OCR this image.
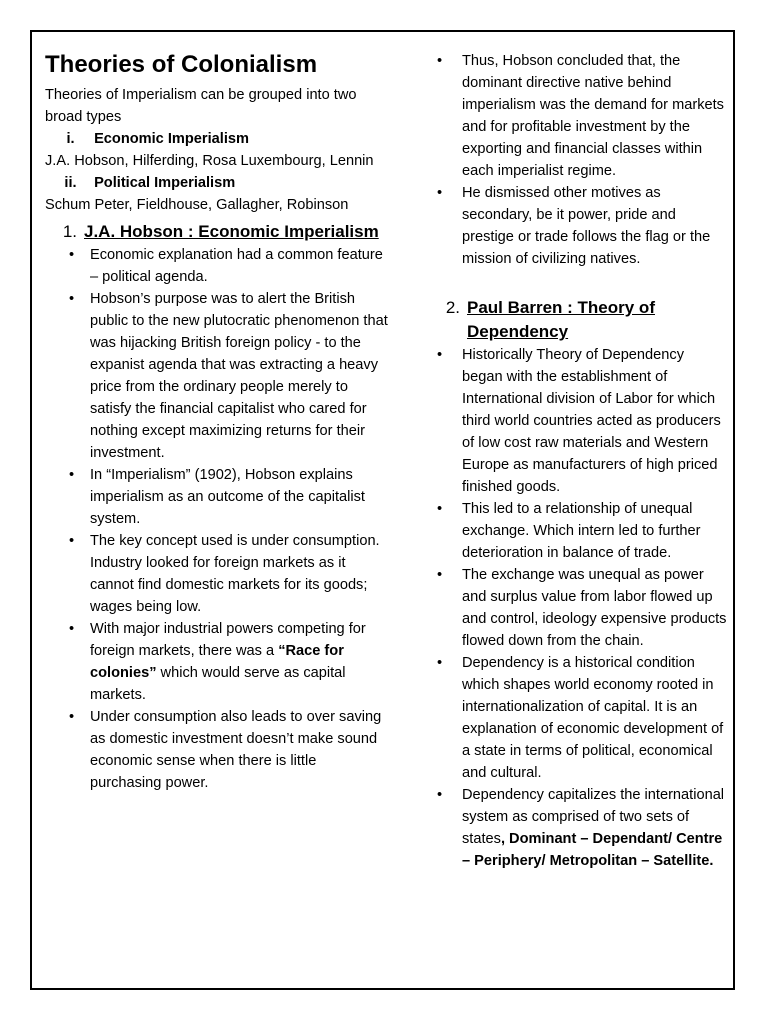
Theories of Colonialism
Theories of Imperialism can be grouped into two broad types
i. Economic Imperialism
J.A. Hobson, Hilferding, Rosa Luxembourg, Lennin
ii. Political Imperialism
Schum Peter, Fieldhouse, Gallagher, Robinson
1. J.A. Hobson : Economic Imperialism
• Economic explanation had a common feature – political agenda.
• Hobson’s purpose was to alert the British public to the new plutocratic phenomenon that was hijacking British foreign policy - to the expanist agenda that was extracting a heavy price from the ordinary people merely to satisfy the financial capitalist who cared for nothing except maximizing returns for their investment.
• In “Imperialism” (1902), Hobson explains imperialism as an outcome of the capitalist system.
• The key concept used is under consumption. Industry looked for foreign markets as it cannot find domestic markets for its goods; wages being low.
• With major industrial powers competing for foreign markets, there was a “Race for colonies” which would serve as capital markets.
• Under consumption also leads to over saving as domestic investment doesn’t make sound economic sense when there is little purchasing power.
• Thus, Hobson concluded that, the dominant directive native behind imperialism was the demand for markets and for profitable investment by the exporting and financial classes within each imperialist regime.
• He dismissed other motives as secondary, be it power, pride and prestige or trade follows the flag or the mission of civilizing natives.
2. Paul Barren : Theory of Dependency
• Historically Theory of Dependency began with the establishment of International division of Labor for which third world countries acted as producers of low cost raw materials and Western Europe as manufacturers of high priced finished goods.
• This led to a relationship of unequal exchange. Which intern led to further deterioration in balance of trade.
• The exchange was unequal as power and surplus value from labor flowed up and control, ideology expensive products flowed down from the chain.
• Dependency is a historical condition which shapes world economy rooted in internationalization of capital. It is an explanation of economic development of a state in terms of political, economical and cultural.
• Dependency capitalizes the international system as comprised of two sets of states, Dominant – Dependant/ Centre – Periphery/ Metropolitan – Satellite.
